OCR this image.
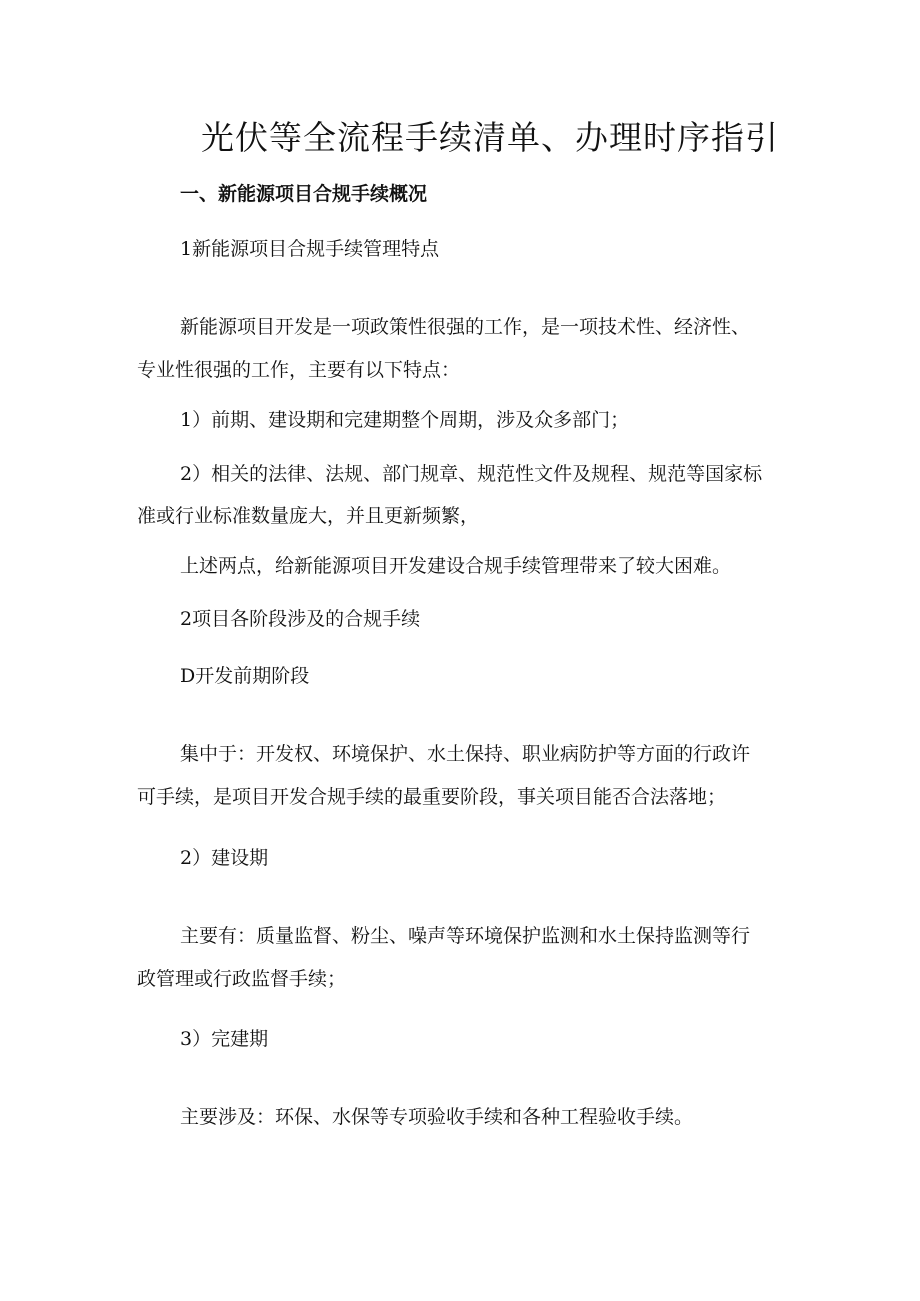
光伏等全流程手续清单、办理时序指引
一、新能源项目合规手续概况
1新能源项目合规手续管理特点
新能源项目开发是一项政策性很强的工作，是一项技术性、经济性、
专业性很强的工作，主要有以下特点：
1）前期、建设期和完建期整个周期，涉及众多部门；
2）相关的法律、法规、部门规章、规范性文件及规程、规范等国家标
准或行业标准数量庞大，并且更新频繁，
上述两点，给新能源项目开发建设合规手续管理带来了较大困难。
2项目各阶段涉及的合规手续
D开发前期阶段
集中于：开发权、环境保护、水土保持、职业病防护等方面的行政许
可手续，是项目开发合规手续的最重要阶段，事关项目能否合法落地；
2）建设期
主要有：质量监督、粉尘、噪声等环境保护监测和水土保持监测等行
政管理或行政监督手续；
3）完建期
主要涉及：环保、水保等专项验收手续和各种工程验收手续。
